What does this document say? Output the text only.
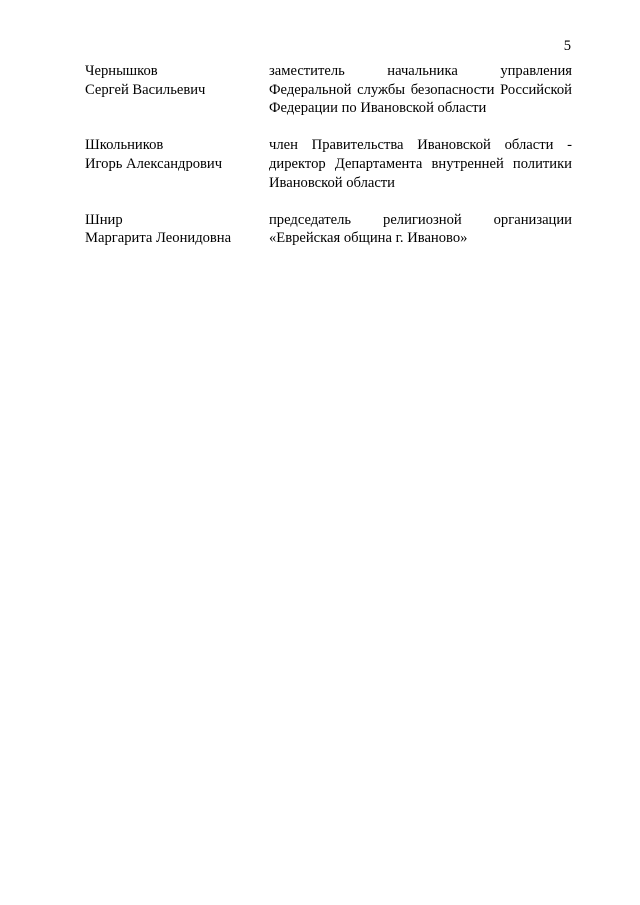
5
Чернышков
Сергей Васильевич
заместитель начальника управления Федеральной службы безопасности Российской Федерации по Ивановской области
Школьников
Игорь Александрович
член Правительства Ивановской области - директор Департамента внутренней политики Ивановской области
Шнир
Маргарита Леонидовна
председатель религиозной организации «Еврейская община г. Иваново»
